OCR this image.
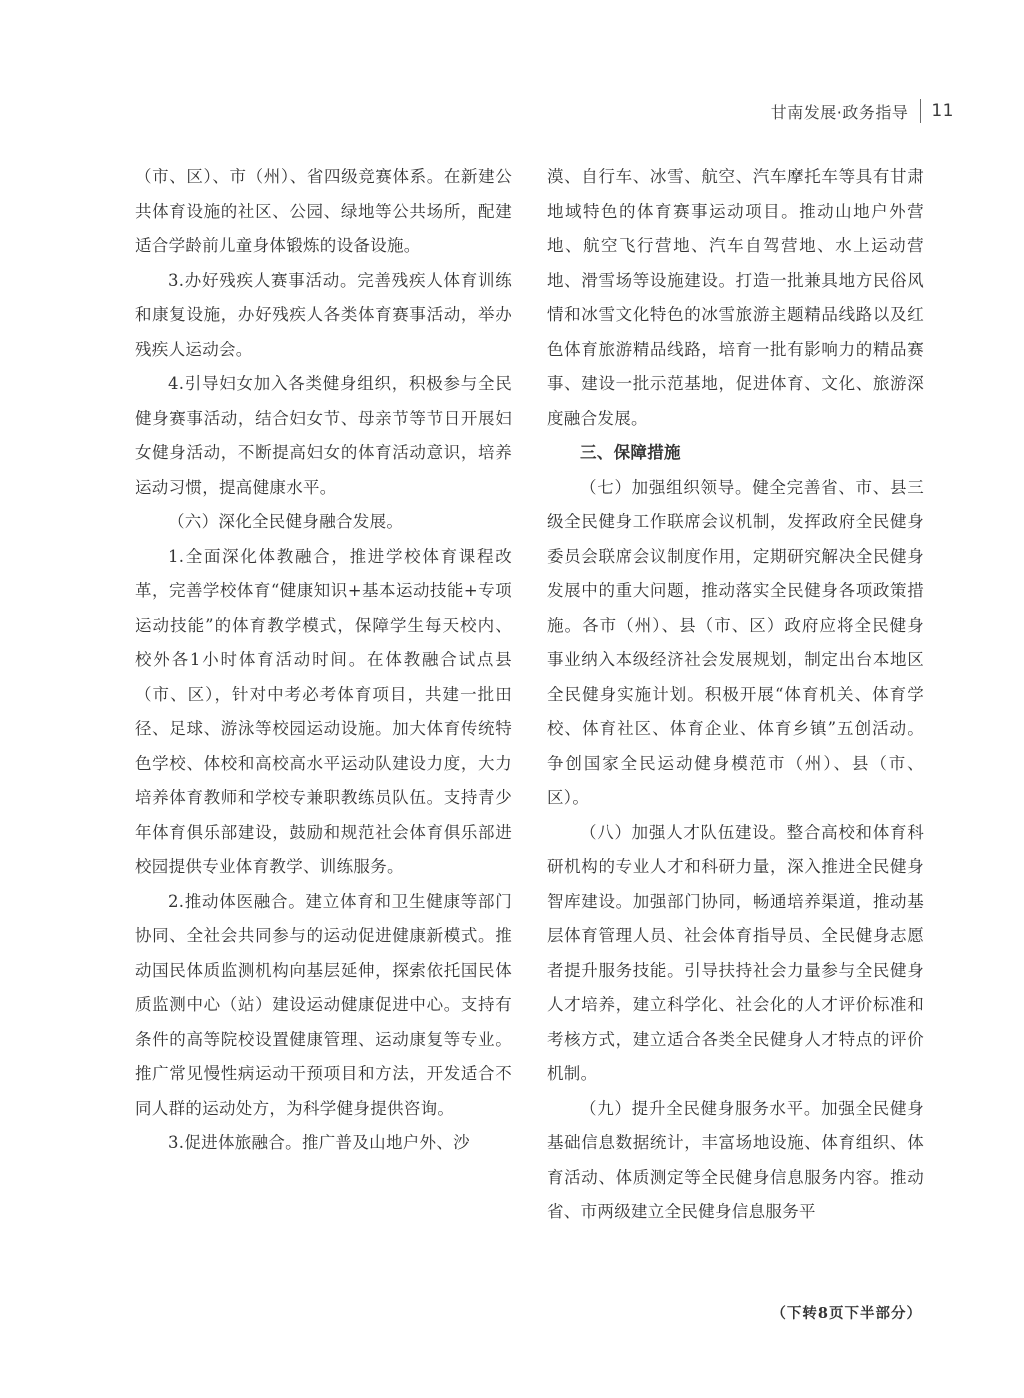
甘南发展·政务指导 11

（市、区）、市（州）、省四级竞赛体系。在新建公共体育设施的社区、公园、绿地等公共场所，配建适合学龄前儿童身体锻炼的设备设施。

3.办好残疾人赛事活动。完善残疾人体育训练和康复设施，办好残疾人各类体育赛事活动，举办残疾人运动会。

4.引导妇女加入各类健身组织，积极参与全民健身赛事活动，结合妇女节、母亲节等节日开展妇女健身活动，不断提高妇女的体育活动意识，培养运动习惯，提高健康水平。

（六）深化全民健身融合发展。

1.全面深化体教融合，推进学校体育课程改革，完善学校体育“健康知识+基本运动技能+专项运动技能”的体育教学模式，保障学生每天校内、校外各1小时体育活动时间。在体教融合试点县（市、区），针对中考必考体育项目，共建一批田径、足球、游泳等校园运动设施。加大体育传统特色学校、体校和高校高水平运动队建设力度，大力培养体育教师和学校专兼职教练员队伍。支持青少年体育俱乐部建设，鼓励和规范社会体育俱乐部进校园提供专业体育教学、训练服务。

2.推动体医融合。建立体育和卫生健康等部门协同、全社会共同参与的运动促进健康新模式。推动国民体质监测机构向基层延伸，探索依托国民体质监测中心（站）建设运动健康促进中心。支持有条件的高等院校设置健康管理、运动康复等专业。推广常见慢性病运动干预项目和方法，开发适合不同人群的运动处方，为科学健身提供咨询。

3.促进体旅融合。推广普及山地户外、沙

漠、自行车、冰雪、航空、汽车摩托车等具有甘肃地域特色的体育赛事运动项目。推动山地户外营地、航空飞行营地、汽车自驾营地、水上运动营地、滑雪场等设施建设。打造一批兼具地方民俗风情和冰雪文化特色的冰雪旅游主题精品线路以及红色体育旅游精品线路，培育一批有影响力的精品赛事、建设一批示范基地，促进体育、文化、旅游深度融合发展。

三、保障措施

（七）加强组织领导。健全完善省、市、县三级全民健身工作联席会议机制，发挥政府全民健身委员会联席会议制度作用，定期研究解决全民健身发展中的重大问题，推动落实全民健身各项政策措施。各市（州）、县（市、区）政府应将全民健身事业纳入本级经济社会发展规划，制定出台本地区全民健身实施计划。积极开展“体育机关、体育学校、体育社区、体育企业、体育乡镇”五创活动。争创国家全民运动健身模范市（州）、县（市、区）。

（八）加强人才队伍建设。整合高校和体育科研机构的专业人才和科研力量，深入推进全民健身智库建设。加强部门协同，畅通培养渠道，推动基层体育管理人员、社会体育指导员、全民健身志愿者提升服务技能。引导扶持社会力量参与全民健身人才培养，建立科学化、社会化的人才评价标准和考核方式，建立适合各类全民健身人才特点的评价机制。

（九）提升全民健身服务水平。加强全民健身基础信息数据统计，丰富场地设施、体育组织、体育活动、体质测定等全民健身信息服务内容。推动省、市两级建立全民健身信息服务平

（下转8页下半部分）
